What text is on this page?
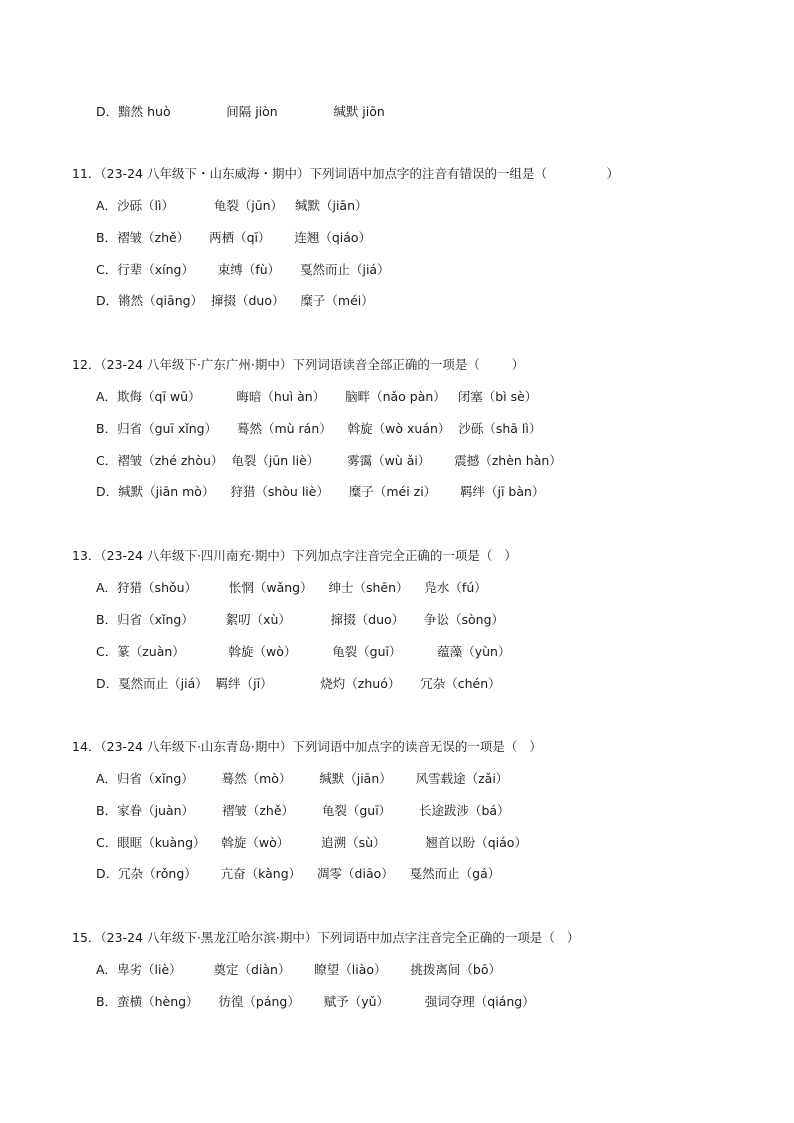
D．黯然 huò              间隔 jiòn              缄默 jiōn
11．（23-24 八年级下・山东威海・期中）下列词语中加点字的注音有错误的一组是（               ）
A．沙砾（lì）          龟裂（jūn）   缄默（jiān）
B．褶皱（zhě）     两栖（qī）      连翘（qiáo）
C．行辈（xíng）      束缚（fù）     戛然而止（jiá）
D．锵然（qiāng）  撺掇（duo）    糜子（méi）
12．（23-24 八年级下·广东广州·期中）下列词语读音全部正确的一项是（        ）
A．欺侮（qī wū）         晦暗（huì àn）     脑畔（nǎo pàn）   闭塞（bì sè）
B．归省（guī xǐng）     蓦然（mù rán）    斡旋（wò xuán）  沙砾（shā lì）
C．褶皱（zhé zhòu）  龟裂（jūn liè）       雾霭（wù ǎi）      震撼（zhèn hàn）
D．缄默（jiān mò）    狩猎（shòu liè）     糜子（méi zi）      羁绊（jī bàn）
13．（23-24 八年级下·四川南充·期中）下列加点字注音完全正确的一项是（   ）
A．狩猎（shǒu）        怅惘（wǎng）    绅士（shēn）    凫水（fú）
B．归省（xǐng）        絮叨（xù）          撺掇（duo）     争讼（sòng）
C．篆（zuàn）           斡旋（wò）         龟裂（guī）         蕴藻（yùn）
D．戛然而止（jiá）  羁绊（jī）            烧灼（zhuó）     冗杂（chén）
14．（23-24 八年级下·山东青岛·期中）下列词语中加点字的读音无误的一项是（   ）
A．归省（xǐng）       蓦然（mò）       缄默（jiān）      风雪载途（zǎi）
B．家眷（juàn）       褶皱（zhě）       龟裂（guī）       长途跋涉（bá）
C．眼眶（kuàng）    斡旋（wò）        追溯（sù）          翘首以盼（qiáo）
D．冗杂（rǒng）      亢奋（kàng）    凋零（diāo）    戛然而止（gá）
15．（23-24 八年级下·黑龙江哈尔滨·期中）下列词语中加点字注音完全正确的一项是（   ）
A．卑劣（liè）        奠定（diàn）      瞭望（liào）      挑拨离间（bō）
B．蛮横（hèng）     彷徨（páng）      赋予（yǔ）         强词夺理（qiáng）
